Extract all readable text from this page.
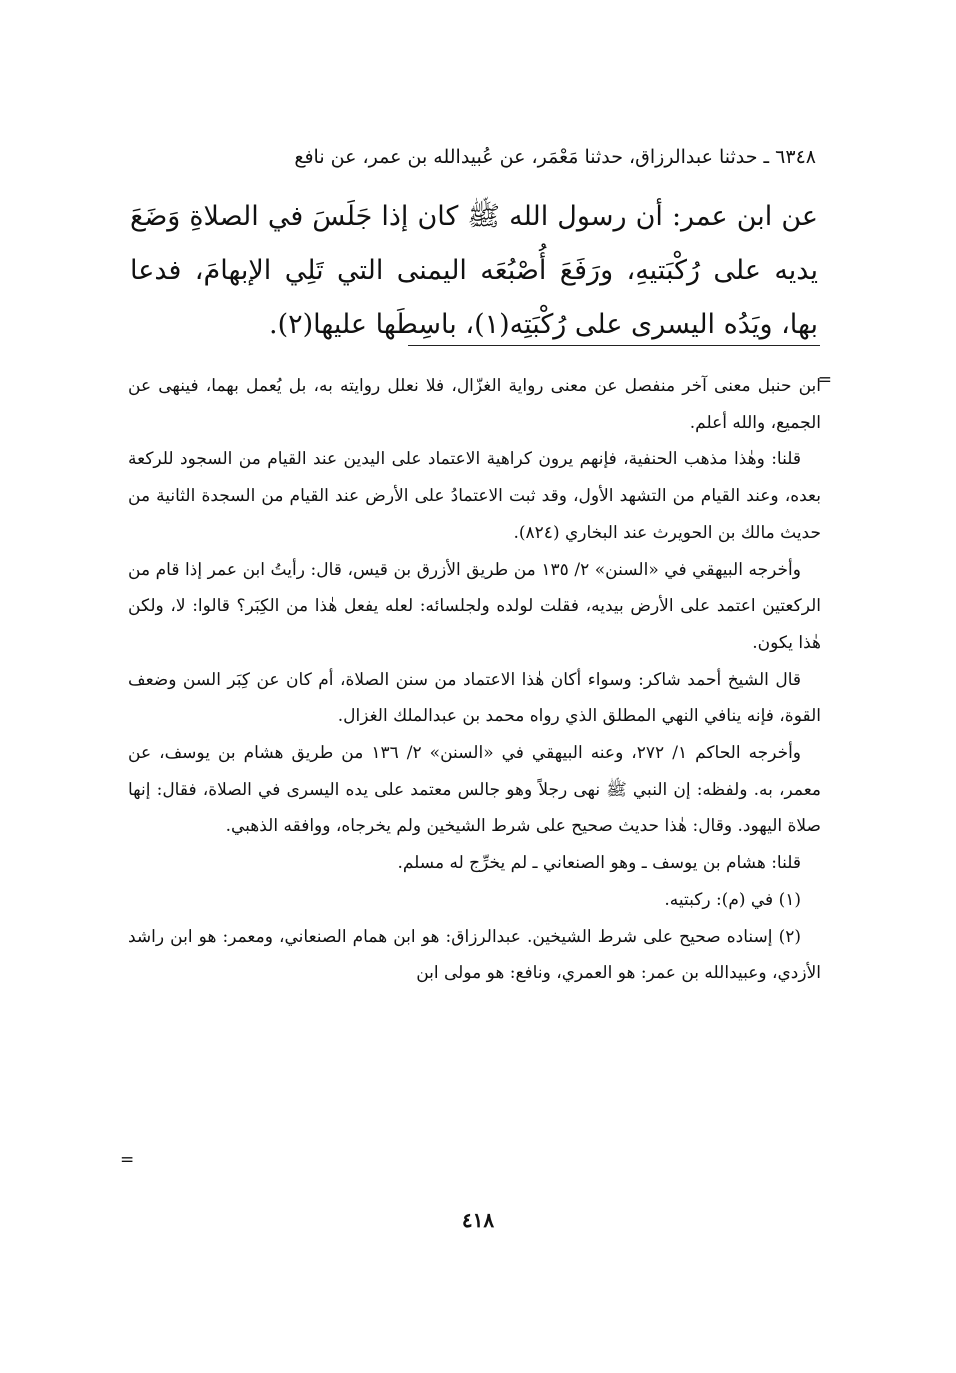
٦٣٤٨ ـ حدثنا عبدالرزاق، حدثنا مَعْمَر، عن عُبيدالله بن عمر، عن نافع
عن ابن عمر: أن رسول الله ﷺ كان إذا جَلَسَ في الصلاةِ وَضَعَ يديه على رُكْبَتيهِ، ورَفَعَ أُصْبُعَه اليمنى التي تَلِي الإبهامَ، فدعا بها، ويَدُه اليسرى على رُكْبَتِه(١)، باسِطَها عليها(٢).
=

ابن حنبل معنى آخر منفصل عن معنى رواية الغزّال، فلا نعلل روايته به، بل يُعمل بهما، فينهى عن الجميع، والله أعلم.

قلنا: وهٰذا مذهب الحنفية، فإنهم يرون كراهية الاعتماد على اليدين عند القيام من السجود للركعة بعده، وعند القيام من التشهد الأول، وقد ثبت الاعتمادُ على الأرض عند القيام من السجدة الثانية من حديث مالك بن الحويرث عند البخاري (٨٢٤).

وأخرجه البيهقي في «السنن» ٢/ ١٣٥ من طريق الأزرق بن قيس، قال: رأيتُ ابن عمر إذا قام من الركعتين اعتمد على الأرض بيديه، فقلت لولده ولجلسائه: لعله يفعل هٰذا من الكِبَر؟ قالوا: لا، ولكن هٰذا يكون.

قال الشيخ أحمد شاكر: وسواء أكان هٰذا الاعتماد من سنن الصلاة، أم كان عن كِبَر السن وضعف القوة، فإنه ينافي النهي المطلق الذي رواه محمد بن عبدالملك الغزال.

وأخرجه الحاكم ١/ ٢٧٢، وعنه البيهقي في «السنن» ٢/ ١٣٦ من طريق هشام بن يوسف، عن معمر، به. ولفظه: إن النبي ﷺ نهى رجلاً وهو جالس معتمد على يده اليسرى في الصلاة، فقال: إنها صلاة اليهود. وقال: هٰذا حديث صحيح على شرط الشيخين ولم يخرجاه، ووافقه الذهبي.

قلنا: هشام بن يوسف ـ وهو الصنعاني ـ لم يخرِّج له مسلم.

(١) في (م): ركبتيه.

(٢) إسناده صحيح على شرط الشيخين. عبدالرزاق: هو ابن همام الصنعاني، ومعمر: هو ابن راشد الأزدي، وعبيدالله بن عمر: هو العمري، ونافع: هو مولى ابن

=
٤١٨
